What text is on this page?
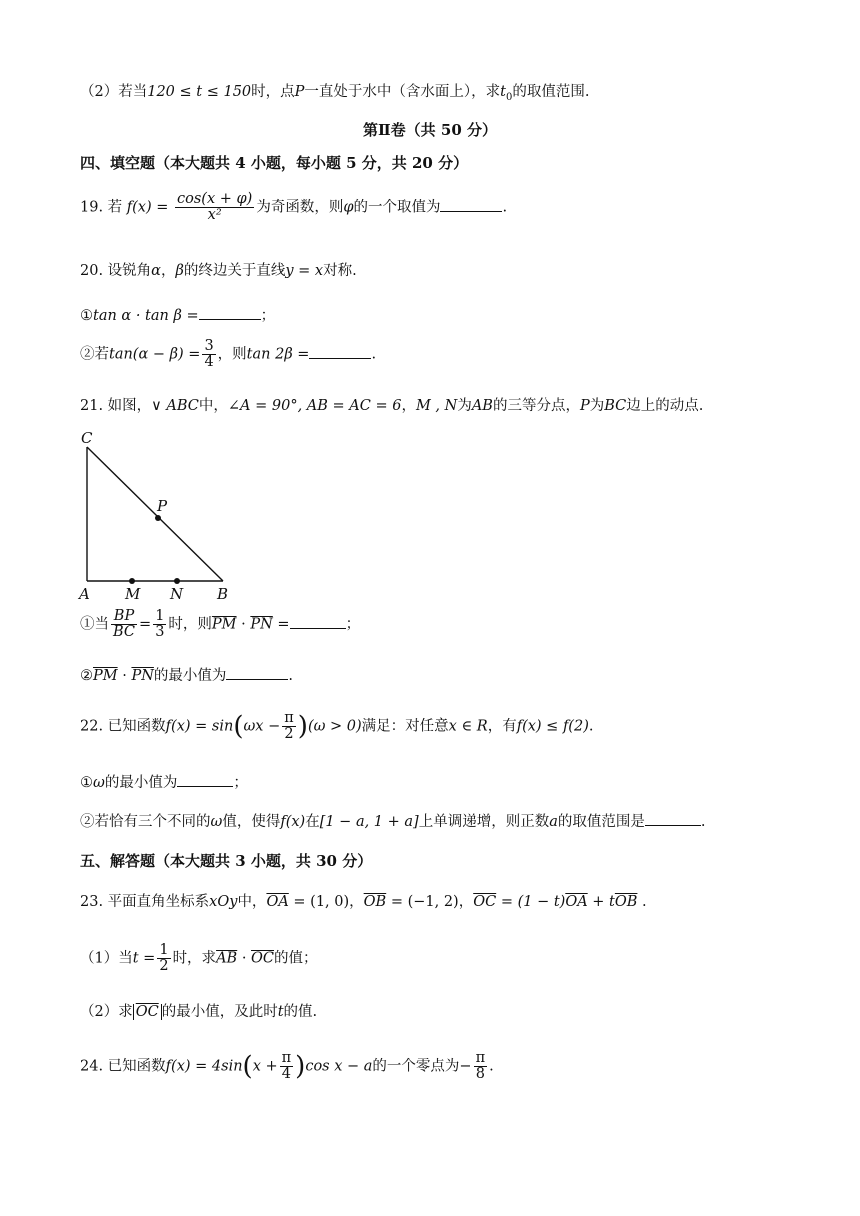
（2）若当120 ≤ t ≤ 150时，点P一直处于水中（含水面上），求$t_0$的取值范围.
第Ⅱ卷（共 50 分）
四、填空题（本大题共 4 小题，每小题 5 分，共 20 分）
19. 若 $f(x) = \frac{\cos(x + \varphi)}{\text{x²}}$ 为奇函数，则φ的一个取值为	.
20. 设锐角α，β的终边关于直线y = x对称.
①tan α · tan β =	；
②若$\tan(\alpha - \beta) = \frac{3}{4}$ ，则tan 2β =	.
21. 如图，∨ ABC中，∠A = 90°, AB = AC = 6，M , N为AB的三等分点，P为BC边上的动点.
C
P
A M N B
①当 $\frac{BP}{BC} = \frac{1}{3}$ 时，则$\overline{PM} \cdot \overline{PN}$ =	；
$②\overline{PM} \cdot \overline{PN}$的最小值为	.
22. 已知函数$f(x) = \sin(\omega x - \frac{\pi}{2} )(\omega > 0)$满足：对任意x ∈ R，有f(x) ≤ f(2).
①ω的最小值为	；
②若恰有三个不同的ω值，使得f(x)在[1 − a, 1 + a]上单调递增，则正数a的取值范围是	.
五、解答题（本大题共 3 小题，共 30 分）
23. 平面直角坐标系xOy中，$\overline{OA} = (1$, 0)，$\overline{OB} = (-1$, 2)，$\overline{OC} = (1 - t)\overline{OA} + t\overline{OB}$ .
（1）当$t = \frac{1}{2}$ 时，求$\overline{AB} \cdot \overline{OC}$的值；
（2）求 $\overline{OC}$ 的最小值，及此时t的值.
24. 已知函数$f(x) = 4\sin(x + \frac{\pi}{4} )\cos$ x − a的一个零点为− $\frac{\pi}{8}$ .
